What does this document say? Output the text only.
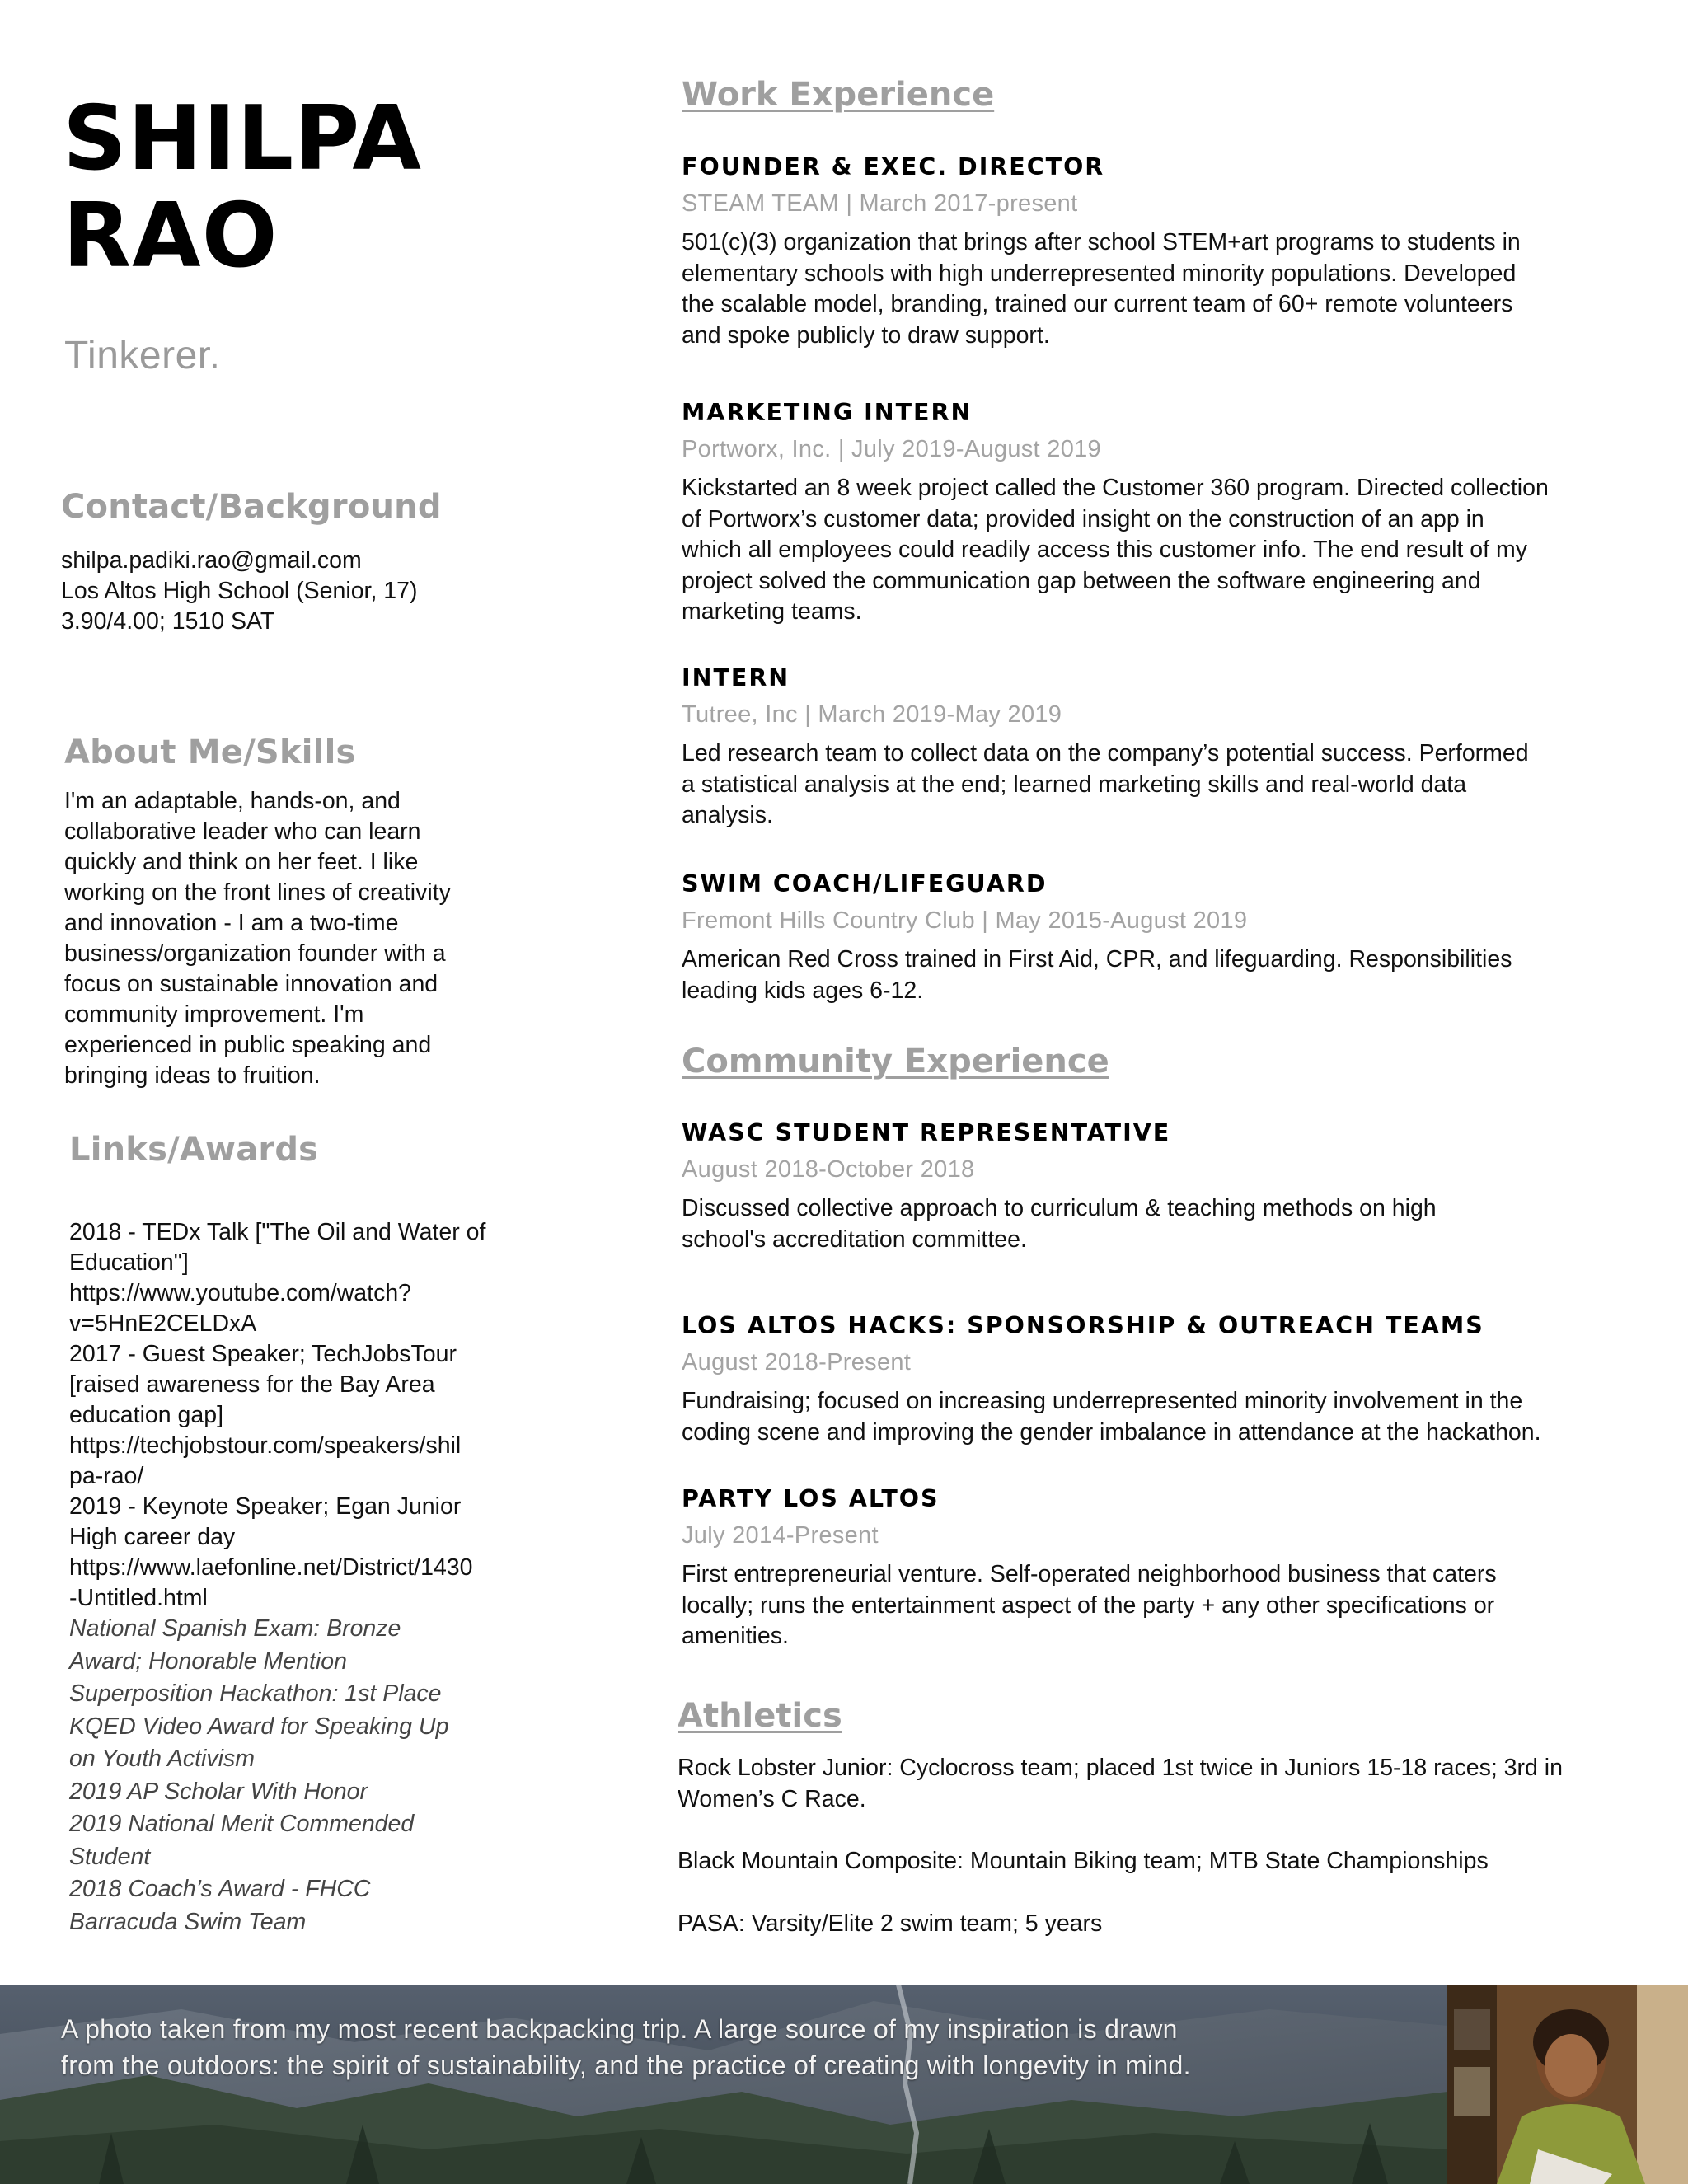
SHILPA
RAO
Tinkerer.
Contact/Background
shilpa.padiki.rao@gmail.com
Los Altos High School (Senior, 17)
3.90/4.00; 1510 SAT
About Me/Skills
I'm an adaptable, hands-on, and
collaborative leader who can learn
quickly and think on her feet. I like
working on the front lines of creativity
and innovation - I am a two-time
business/organization founder with a
focus on sustainable innovation and
community improvement. I'm
experienced in public speaking and
bringing ideas to fruition.
Links/Awards
2018 - TEDx Talk ["The Oil and Water of
Education"]
https://www.youtube.com/watch?
v=5HnE2CELDxA
2017 - Guest Speaker; TechJobsTour
[raised awareness for the Bay Area
education gap]
https://techjobstour.com/speakers/shil
pa-rao/
2019 - Keynote Speaker; Egan Junior
High career day
https://www.laefonline.net/District/1430
-Untitled.html
National Spanish Exam: Bronze
Award; Honorable Mention
Superposition Hackathon: 1st Place
KQED Video Award for Speaking Up
on Youth Activism
2019 AP Scholar With Honor
2019 National Merit Commended
Student
2018 Coach’s Award - FHCC
Barracuda Swim Team
Work Experience
FOUNDER & EXEC. DIRECTOR
STEAM TEAM | March 2017-present
501(c)(3) organization that brings after school STEM+art programs to students in
elementary schools with high underrepresented minority populations. Developed
the scalable model, branding, trained our current team of 60+ remote volunteers
and spoke publicly to draw support.
MARKETING INTERN
Portworx, Inc. | July 2019-August 2019
Kickstarted an 8 week project called the Customer 360 program. Directed collection
of Portworx’s customer data; provided insight on the construction of an app in
which all employees could readily access this customer info. The end result of my
project solved the communication gap between the software engineering and
marketing teams.
INTERN
Tutree, Inc | March 2019-May 2019
Led research team to collect data on the company’s potential success. Performed
a statistical analysis at the end; learned marketing skills and real-world data
analysis.
SWIM COACH/LIFEGUARD
Fremont Hills Country Club | May 2015-August 2019
American Red Cross trained in First Aid, CPR, and lifeguarding. Responsibilities
leading kids ages 6-12.
Community Experience
WASC STUDENT REPRESENTATIVE
August 2018-October 2018
Discussed collective approach to curriculum & teaching methods on high
school's accreditation committee.
LOS ALTOS HACKS: SPONSORSHIP & OUTREACH TEAMS
August 2018-Present
Fundraising; focused on increasing underrepresented minority involvement in the
coding scene and improving the gender imbalance in attendance at the hackathon.
PARTY LOS ALTOS
July 2014-Present
First entrepreneurial venture. Self-operated neighborhood business that caters
locally; runs the entertainment aspect of the party + any other specifications or
amenities.
Athletics
Rock Lobster Junior: Cyclocross team; placed 1st twice in Juniors 15-18 races; 3rd in
Women’s C Race.
Black Mountain Composite: Mountain Biking team; MTB State Championships
PASA: Varsity/Elite 2 swim team; 5 years
A photo taken from my most recent backpacking trip. A large source of my inspiration is drawn
from the outdoors: the spirit of sustainability, and the practice of creating with longevity in mind.
